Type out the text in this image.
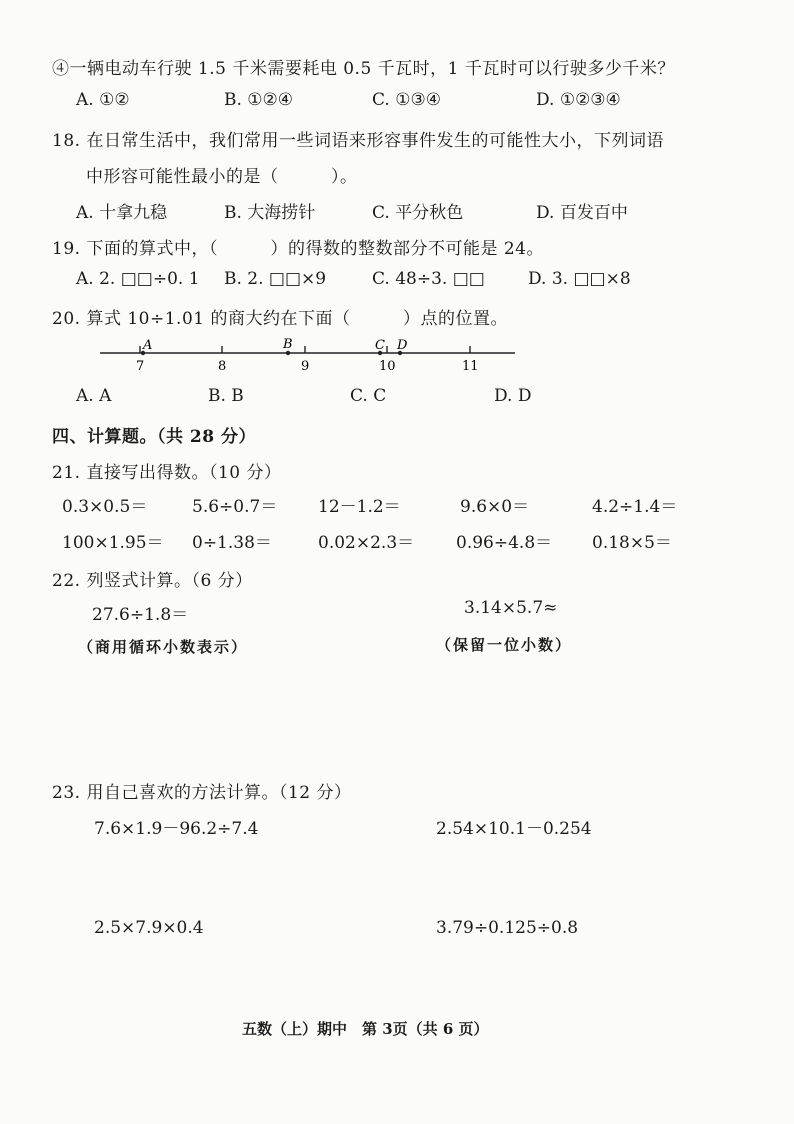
④一辆电动车行驶 1.5 千米需要耗电 0.5 千瓦时，1 千瓦时可以行驶多少千米？
A. ①②	B. ①②④	C. ①③④	D. ①②③④
18. 在日常生活中，我们常用一些词语来形容事件发生的可能性大小，下列词语
中形容可能性最小的是（　　　）。
A. 十拿九稳	B. 大海捞针	C. 平分秋色	D. 百发百中
19. 下面的算式中，（　　　）的得数的整数部分不可能是 24。
A. 2. □□÷0. 1 B. 2. □□×9	C. 48÷3. □□	D. 3. □□×8
20. 算式 10÷1.01 的商大约在下面（　　　）点的位置。
7	8	9	10	11
A	B	C D
A. A	B. B	C. C	D. D
四、计算题。（共 28 分）
21. 直接写出得数。（10 分）
0.3×0.5＝	5.6÷0.7＝ 12－1.2＝	9.6×0＝	4.2÷1.4＝
100×1.95＝ 0÷1.38＝	0.02×2.3＝ 0.96÷4.8＝ 0.18×5＝
22. 列竖式计算。（6 分）
27.6÷1.8＝
（商用循环小数表示）
3.14×5.7≈
（保留一位小数）
23. 用自己喜欢的方法计算。（12 分）
7.6×1.9－96.2÷7.4	2.54×10.1－0.254
2.5×7.9×0.4	3.79÷0.125÷0.8
五数（上）期中　第 3页（共 6 页）
